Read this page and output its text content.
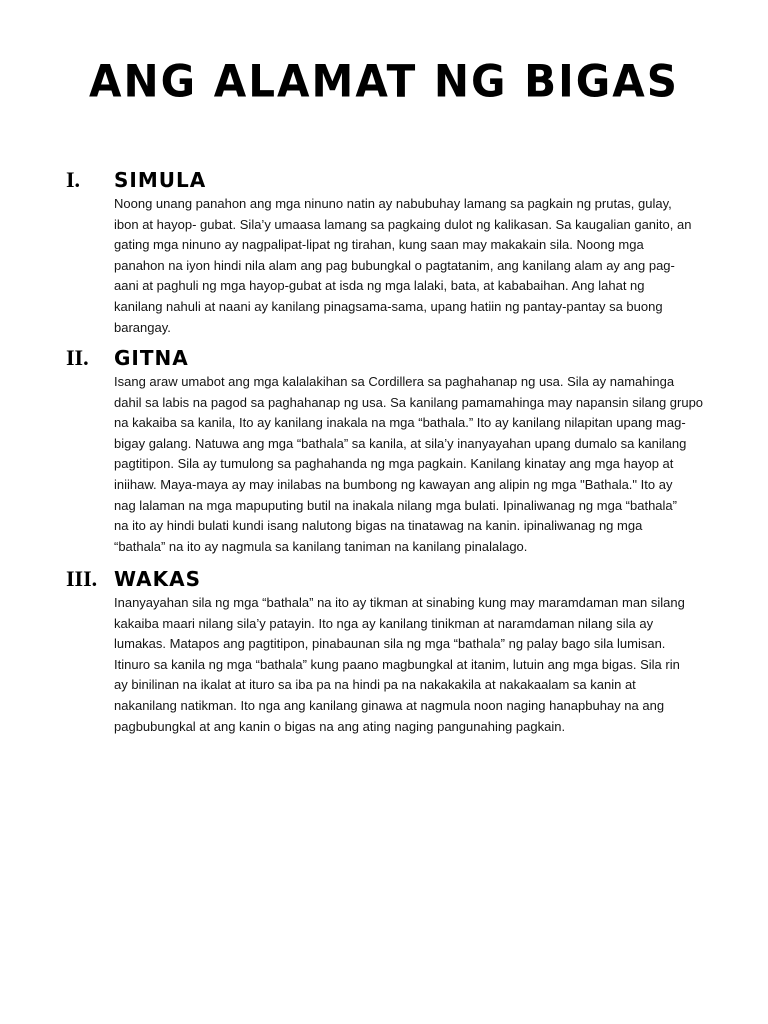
ANG ALAMAT NG BIGAS
I. SIMULA
Noong unang panahon ang mga ninuno natin ay nabubuhay lamang sa pagkain ng prutas, gulay,
ibon at hayop- gubat. Sila’y umaasa lamang sa pagkaing dulot ng kalikasan. Sa kaugalian ganito, an
gating mga ninuno ay nagpalipat-lipat ng tirahan, kung saan may makakain sila. Noong mga
panahon na iyon hindi nila alam ang pag bubungkal o pagtatanim, ang kanilang alam ay ang pag-
aani at paghuli ng mga hayop-gubat at isda ng mga lalaki, bata, at kababaihan. Ang lahat ng
kanilang nahuli at naani ay kanilang pinagsama-sama, upang hatiin ng pantay-pantay sa buong
barangay.
II. GITNA
Isang araw umabot ang mga kalalakihan sa Cordillera sa paghahanap ng usa. Sila ay namahinga
dahil sa labis na pagod sa paghahanap ng usa. Sa kanilang pamamahinga may napansin silang grupo
na kakaiba sa kanila, Ito ay kanilang inakala na mga “bathala.” Ito ay kanilang nilapitan upang mag-
bigay galang. Natuwa ang mga “bathala” sa kanila, at sila’y inanyayahan upang dumalo sa kanilang
pagtitipon. Sila ay tumulong sa paghahanda ng mga pagkain. Kanilang kinatay ang mga hayop at
iniihaw. Maya-maya ay may inilabas na bumbong ng kawayan ang alipin ng mga "Bathala." Ito ay
nag lalaman na mga mapuputing butil na inakala nilang mga bulati. Ipinaliwanag ng mga “bathala”
na ito ay hindi bulati kundi isang nalutong bigas na tinatawag na kanin. ipinaliwanag ng mga
“bathala” na ito ay nagmula sa kanilang taniman na kanilang pinalalago.
III. WAKAS
Inanyayahan sila ng mga “bathala” na ito ay tikman at sinabing kung may maramdaman man silang
kakaiba maari nilang sila’y patayin. Ito nga ay kanilang tinikman at naramdaman nilang sila ay
lumakas. Matapos ang pagtitipon, pinabaunan sila ng mga “bathala” ng palay bago sila lumisan.
Itinuro sa kanila ng mga “bathala” kung paano magbungkal at itanim, lutuin ang mga bigas. Sila rin
ay binilinan na ikalat at ituro sa iba pa na hindi pa na nakakakila at nakakaalam sa kanin at
nakanilang natikman. Ito nga ang kanilang ginawa at nagmula noon naging hanapbuhay na ang
pagbubungkal at ang kanin o bigas na ang ating naging pangunahing pagkain.
